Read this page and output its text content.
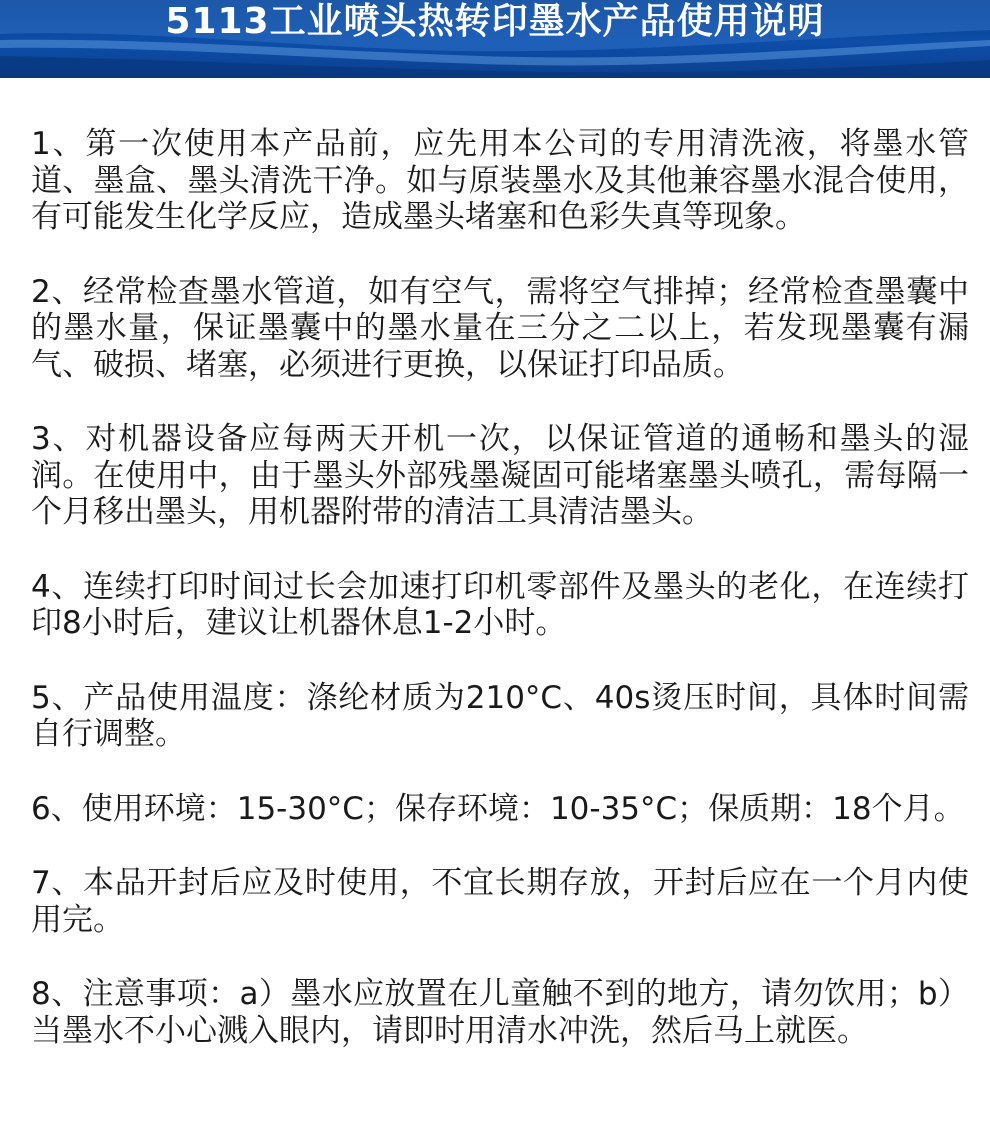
5113工业喷头热转印墨水产品使用说明

1、第一次使用本产品前，应先用本公司的专用清洗液，将墨水管道、墨盒、墨头清洗干净。如与原装墨水及其他兼容墨水混合使用，有可能发生化学反应，造成墨头堵塞和色彩失真等现象。

2、经常检查墨水管道，如有空气，需将空气排掉；经常检查墨囊中的墨水量，保证墨囊中的墨水量在三分之二以上，若发现墨囊有漏气、破损、堵塞，必须进行更换，以保证打印品质。

3、对机器设备应每两天开机一次，以保证管道的通畅和墨头的湿润。在使用中，由于墨头外部残墨凝固可能堵塞墨头喷孔，需每隔一个月移出墨头，用机器附带的清洁工具清洁墨头。

4、连续打印时间过长会加速打印机零部件及墨头的老化，在连续打印8小时后，建议让机器休息1-2小时。

5、产品使用温度：涤纶材质为210°C、40s烫压时间，具体时间需自行调整。

6、使用环境：15-30°C；保存环境：10-35°C；保质期：18个月。

7、本品开封后应及时使用，不宜长期存放，开封后应在一个月内使用完。

8、注意事项：a）墨水应放置在儿童触不到的地方，请勿饮用；b）当墨水不小心溅入眼内，请即时用清水冲洗，然后马上就医。
